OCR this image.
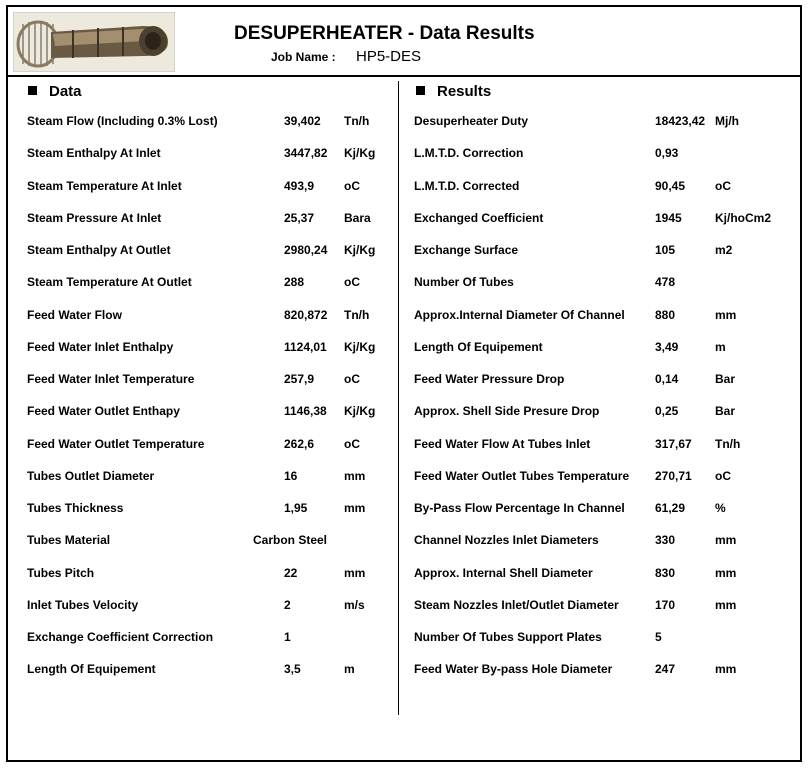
DESUPERHEATER - Data Results
Job Name : HP5-DES
Data	Results
Steam Flow (Including 0.3% Lost)	39,402 Tn/h
Steam Enthalpy At Inlet	3447,82 Kj/Kg
Steam Temperature At Inlet	493,9 oC
Steam Pressure At Inlet	25,37 Bara
Steam Enthalpy At Outlet	2980,24 Kj/Kg
Steam Temperature At Outlet	288	oC
Feed Water Flow	820,872 Tn/h
Feed Water Inlet Enthalpy	1124,01 Kj/Kg
Feed Water Inlet Temperature	257,9 oC
Feed Water Outlet Enthapy	1146,38 Kj/Kg
Feed Water Outlet Temperature	262,6 oC
Tubes Outlet Diameter	16	mm
Tubes Thickness	1,95	mm
Tubes Material	Carbon Steel
Tubes Pitch	22	mm
Inlet Tubes Velocity	2	m/s
Exchange Coefficient Correction	1
Length Of Equipement	3,5	m
Desuperheater Duty	18423,42 Mj/h
L.M.T.D. Correction	0,93
L.M.T.D. Corrected	90,45 oC
Exchanged Coefficient	1945	Kj/hoCm2
Exchange Surface	105	m2
Number Of Tubes	478
Approx.Internal Diameter Of Channel	880	mm
Length Of Equipement	3,49	m
Feed Water Pressure Drop	0,14	Bar
Approx. Shell Side Presure Drop	0,25	Bar
Feed Water Flow At Tubes Inlet	317,67 Tn/h
Feed Water Outlet Tubes Temperature 270,71 oC
By-Pass Flow Percentage In Channel	61,29 %
Channel Nozzles Inlet Diameters	330	mm
Approx. Internal Shell Diameter	830	mm
Steam Nozzles Inlet/Outlet Diameter	170	mm
Number Of Tubes Support Plates	5
Feed Water By-pass Hole Diameter	247	mm
